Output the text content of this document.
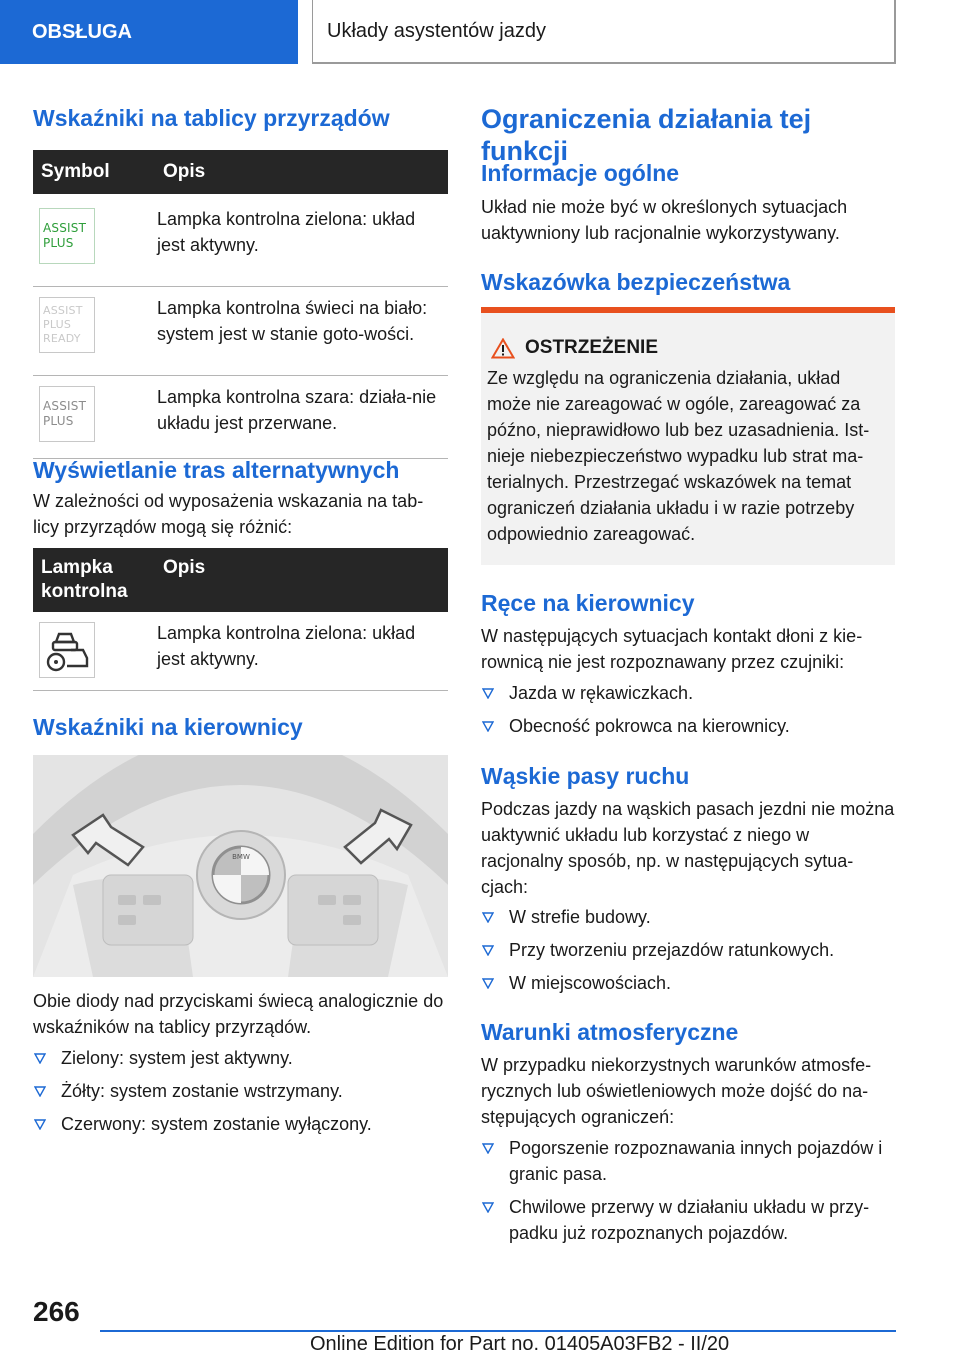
OBSŁUGA	Układy asystentów jazdy
Wskaźniki na tablicy przyrządów
Symbol	Opis

ASSIST
PLUS	Lampka kontrolna zielona: układ jest aktywny.

ASSIST
PLUS
READY	Lampka kontrolna świeci na biało: system jest w stanie goto-wości.

ASSIST
PLUS	Lampka kontrolna szara: działa-nie układu jest przerwane.
Wyświetlanie tras alternatywnych

W zależności od wyposażenia wskazania na tab-licy przyrządów mogą się różnić:

Lampka kontrolna	Opis

	Lampka kontrolna zielona: układ jest aktywny.
Wskaźniki na kierownicy
BMW

Obie diody nad przyciskami świecą analogicznie do wskaźników na tablicy przyrządów.

Zielony: system jest aktywny.
Żółty: system zostanie wstrzymany.
Czerwony: system zostanie wyłączony.
Ograniczenia działania tej funkcji
Informacje ogólne

Układ nie może być w określonych sytuacjach uaktywniony lub racjonalnie wykorzystywany.

Wskazówka bezpieczeństwa
OSTRZEŻENIE

Ze względu na ograniczenia działania, układ może nie zareagować w ogóle, zareagować za późno, nieprawidłowo lub bez uzasadnienia. Ist-nieje niebezpieczeństwo wypadku lub strat ma-terialnych. Przestrzegać wskazówek na temat ograniczeń działania układu i w razie potrzeby odpowiednio zareagować.

Ręce na kierownicy

W następujących sytuacjach kontakt dłoni z kie-rownicą nie jest rozpoznawany przez czujniki:

Jazda w rękawiczkach.
Obecność pokrowca na kierownicy.
Wąskie pasy ruchu

Podczas jazdy na wąskich pasach jezdni nie można uaktywnić układu lub korzystać z niego w racjonalny sposób, np. w następujących sytua-cjach:

W strefie budowy.
Przy tworzeniu przejazdów ratunkowych.
W miejscowościach.
Warunki atmosferyczne

W przypadku niekorzystnych warunków atmosfe-rycznych lub oświetleniowych może dojść do na-stępujących ograniczeń:

Pogorszenie rozpoznawania innych pojazdów i granic pasa.
Chwilowe przerwy w działaniu układu w przy-padku już rozpoznanych pojazdów.
266
Online Edition for Part no. 01405A03FB2 - II/20
